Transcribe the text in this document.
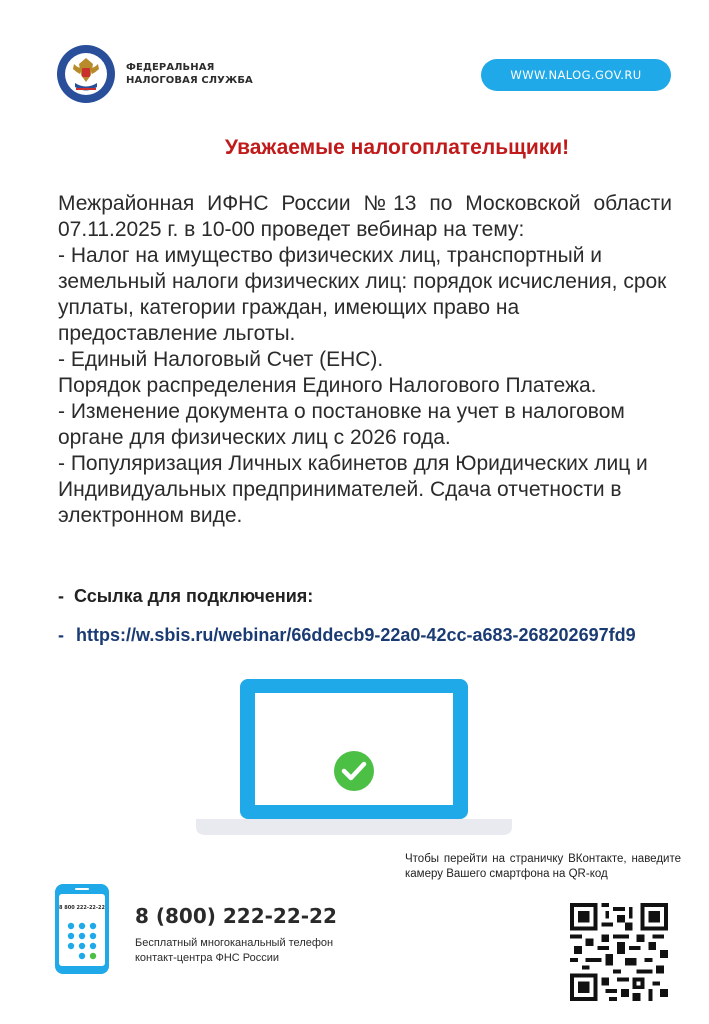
ФЕДЕРАЛЬНАЯ
НАЛОГОВАЯ СЛУЖБА	WWW.NALOG.GOV.RU
Уважаемые налогоплательщики!

Межрайонная ИФНС России №13 по Московской области 07.11.2025 г. в 10-00 проведет вебинар на тему:

- Налог на имущество физических лиц, транспортный и земельный налоги физических лиц: порядок исчисления, срок уплаты, категории граждан, имеющих право на предоставление льготы.

- Единый Налоговый Счет (ЕНС).

Порядок распределения Единого Налогового Платежа.

- Изменение документа о постановке на учет в налоговом органе для физических лиц с 2026 года.

- Популяризация Личных кабинетов для Юридических лиц и Индивидуальных предпринимателей. Сдача отчетности в электронном виде.

- Ссылка для подключения:
- https://w.sbis.ru/webinar/66ddecb9-22a0-42cc-a683-268202697fd9
Чтобы перейти на страничку ВКонтакте, наведите камеру Вашего смартфона на QR-код
8 800 222-22-22 8 (800) 222-22-22
Бесплатный многоканальный телефон
контакт-центра ФНС России
